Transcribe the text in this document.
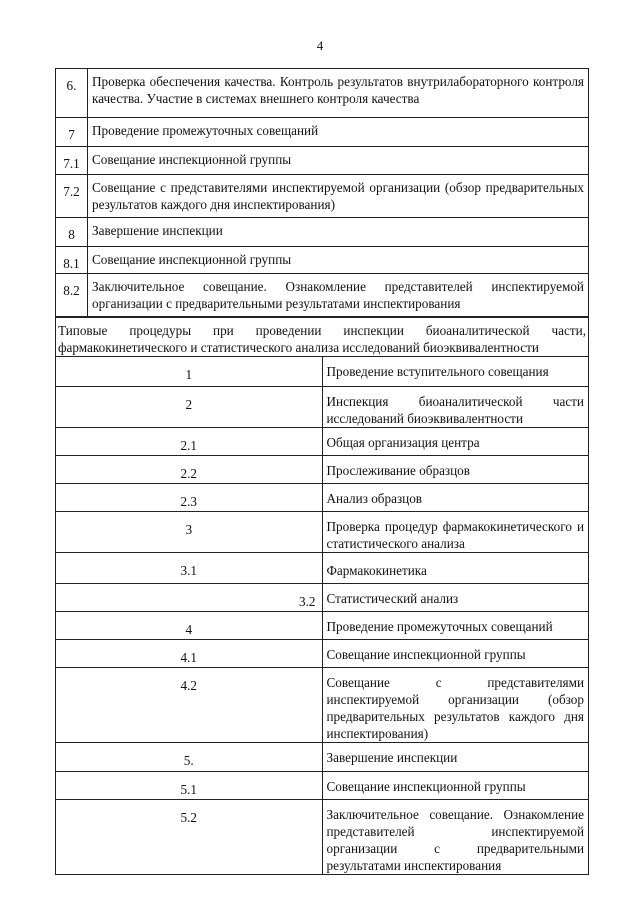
4
6.	Проверка обеспечения качества. Контроль результатов внутрилабораторного контроля качества. Участие в системах внешнего контроля качества
7	Проведение промежуточных совещаний
7.1	Совещание инспекционной группы
7.2	Совещание с представителями инспектируемой организации (обзор предварительных результатов каждого дня инспектирования)
8	Завершение инспекции
8.1	Совещание инспекционной группы
8.2	Заключительное совещание. Ознакомление представителей инспектируемой организации с предварительными результатами инспектирования
Типовые процедуры при проведении инспекции биоаналитической части, фармакокинетического и статистического анализа исследований биоэквивалентности	
1	Проведение вступительного совещания
2	Инспекция биоаналитической части исследований биоэквивалентности
2.1	Общая организация центра
2.2	Прослеживание образцов
2.3	Анализ образцов
3	Проверка процедур фармакокинетического и статистического анализа
3.1	Фармакокинетика
3.2	Статистический анализ
4	Проведение промежуточных совещаний
4.1	Совещание инспекционной группы
4.2	Совещание с представителями инспектируемой организации (обзор предварительных результатов каждого дня инспектирования)
5.	Завершение инспекции
5.1	Совещание инспекционной группы
5.2	Заключительное совещание. Ознакомление представителей инспектируемой организации с предварительными результатами инспектирования
